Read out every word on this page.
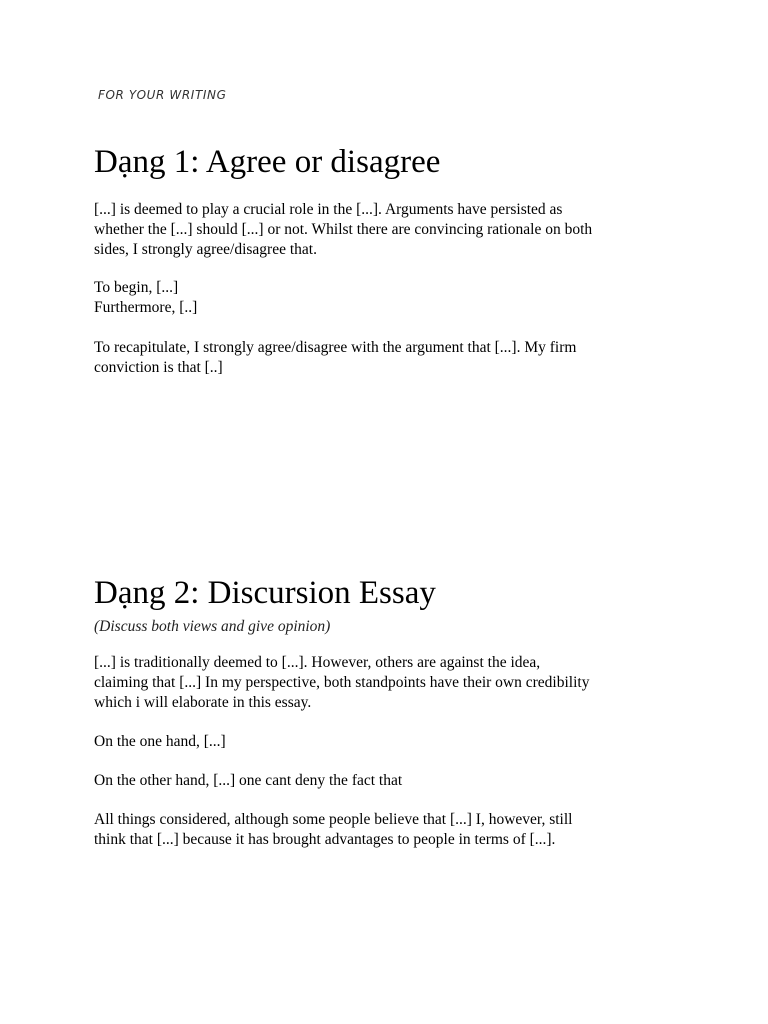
FOR YOUR WRITING
Dạng 1: Agree or disagree

[...] is deemed to play a crucial role in the [...]. Arguments have persisted as
whether the [...] should [...] or not. Whilst there are convincing rationale on both
sides, I strongly agree/disagree that.

To begin, [...]
Furthermore, [..]

To recapitulate, I strongly agree/disagree with the argument that [...]. My firm
conviction is that [..]

Dạng 2: Discursion Essay

(Discuss both views and give opinion)

[...] is traditionally deemed to [...]. However, others are against the idea,
claiming that [...] In my perspective, both standpoints have their own credibility
which i will elaborate in this essay.

On the one hand, [...]

On the other hand, [...] one cant deny the fact that

All things considered, although some people believe that [...] I, however, still
think that [...] because it has brought advantages to people in terms of [...].
